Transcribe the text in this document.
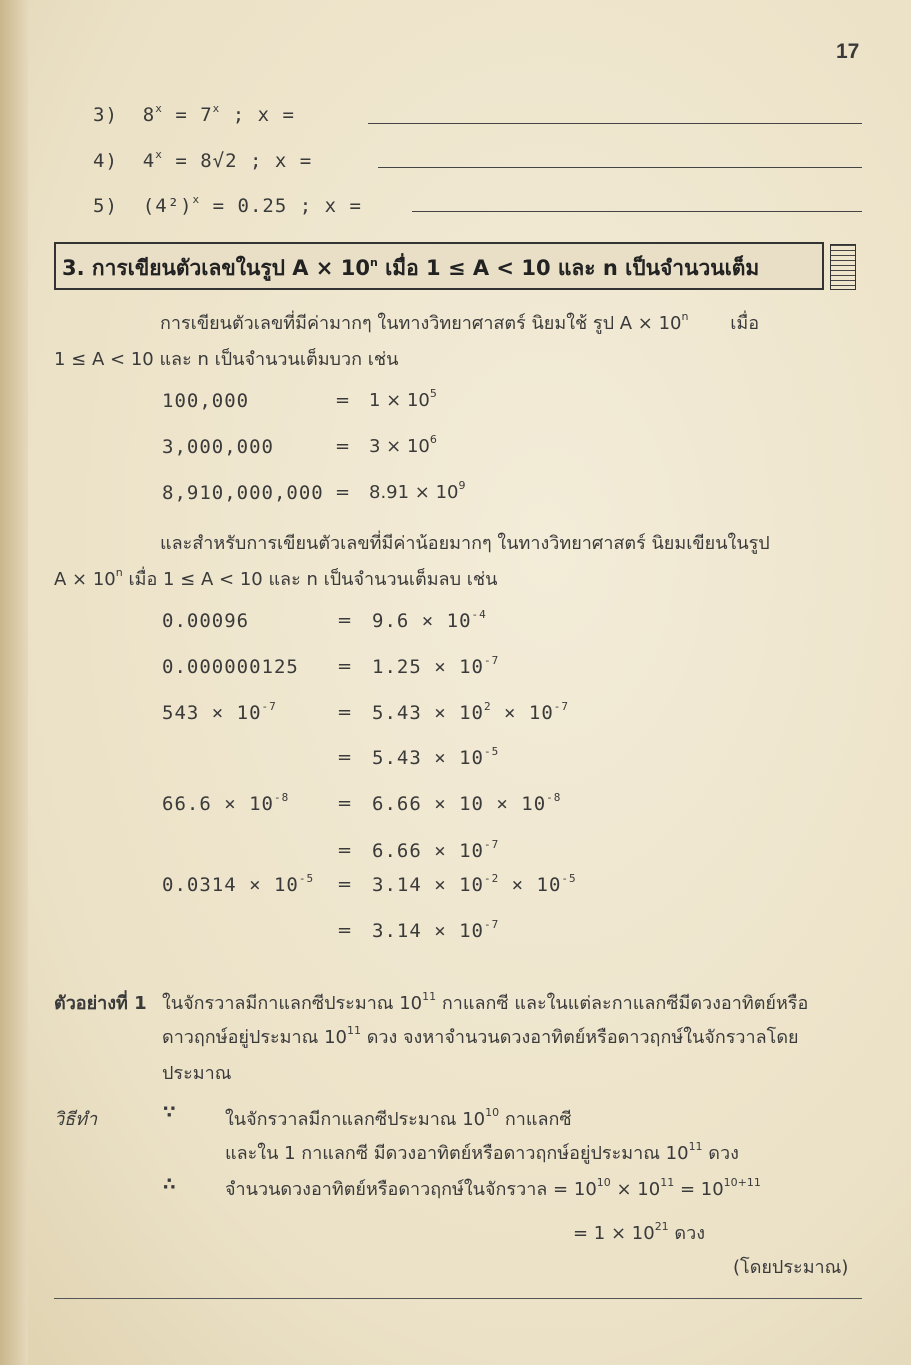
17
3) $8^x = 7^x$ ; x =
4) $4^x = 8√2$ ; x =
5) $(4^2)^x = 0.25$ ; x =
3. การเขียนตัวเลขในรูป $A \times 10^n$ เมื่อ 1 ≤ A < 10 และ n เป็นจำนวนเต็ม
การเขียนตัวเลขที่มีค่ามากๆ ในทางวิทยาศาสตร์ นิยมใช้ รูป $A \times 10^n$ เมื่อ
1 ≤ A < 10 และ n เป็นจำนวนเต็มบวก เช่น
100,000	= $1 \times 10^5$
3,000,000	= $3 \times 10^6$
$8,910,000,000 = 8.91 \times 10^9$
และสำหรับการเขียนตัวเลขที่มีค่าน้อยมากๆ ในทางวิทยาศาสตร์ นิยมเขียนในรูป
$A \times 10^n$ เมื่อ 1 ≤ A < 10 และ n เป็นจำนวนเต็มลบ เช่น
0.00096	= $9.6 \times 10^{-4}$
$0.000000125 = 1.25 \times 10^{-7}$
$543 \times 10^{-7}$	= $5.43 \times 10^2 \times 10^{-7}$
= $5.43 \times 10^{-5}$
$66.6 \times 10^{-8}$	= $6.66 \times 10 \times 10^{-8}$
= $6.66 \times 10^{-7}$
$0.0314 \times 10^{-5} = 3.14 \times 10^{-2} \times 10^{-5}$
= $3.14 \times 10^{-7}$
ตัวอย่างที่ 1 ในจักรวาลมีกาแลกซีประมาณ $10^{11}$ กาแลกซี และในแต่ละกาแลกซีมีดวงอาทิตย์หรือ
ดาวฤกษ์อยู่ประมาณ $10^{11}$ ดวง จงหาจำนวนดวงอาทิตย์หรือดาวฤกษ์ในจักรวาลโดย
ประมาณ
วิธีทำ	∵	ในจักรวาลมีกาแลกซีประมาณ $10^{10}$ กาแลกซี
และใน 1 กาแลกซี มีดวงอาทิตย์หรือดาวฤกษ์อยู่ประมาณ $10^{11}$ ดวง
∴	จำนวนดวงอาทิตย์หรือดาวฤกษ์ในจักรวาล = $10^{10} \times 10^{11} = 10^{10+11}$
= $1 \times 10^{21}$ ดวง
(โดยประมาณ)
